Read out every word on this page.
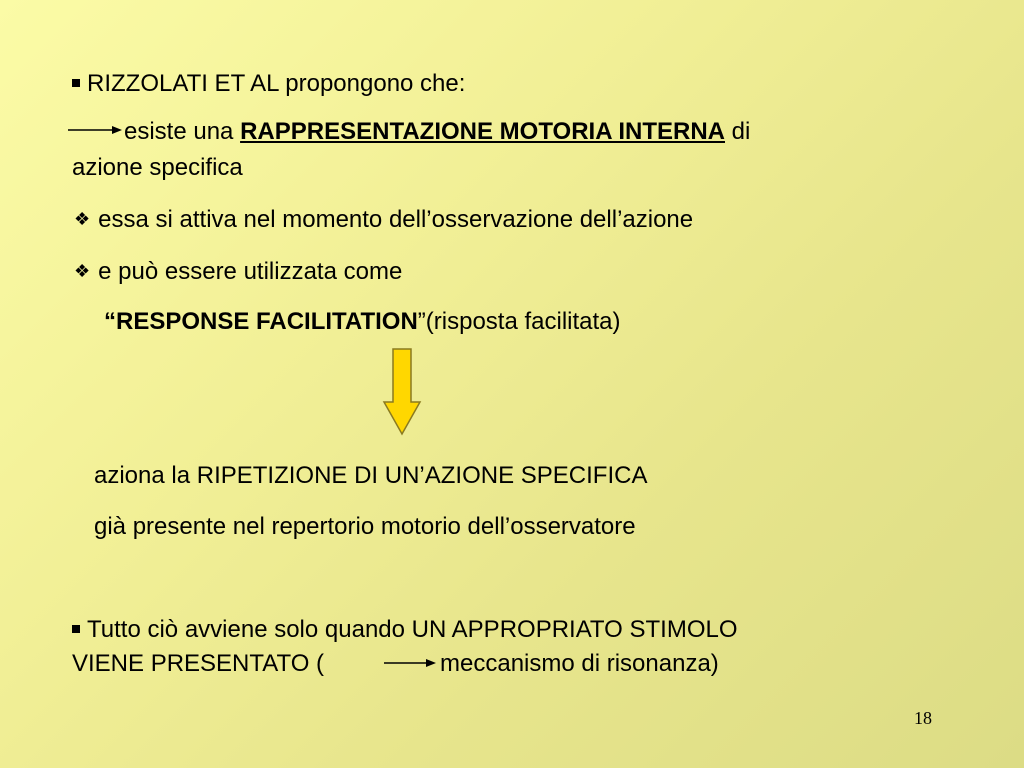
RIZZOLATI ET AL propongono che:
esiste una RAPPRESENTAZIONE MOTORIA INTERNA di
azione specifica
❖ essa si attiva nel momento dell’osservazione dell’azione
❖ e può essere utilizzata come
“RESPONSE FACILITATION”(risposta facilitata)
aziona la RIPETIZIONE DI UN’AZIONE SPECIFICA
già presente nel repertorio motorio dell’osservatore
Tutto ciò avviene solo quando UN APPROPRIATO STIMOLO
VIENE PRESENTATO (	meccanismo di risonanza)
18
